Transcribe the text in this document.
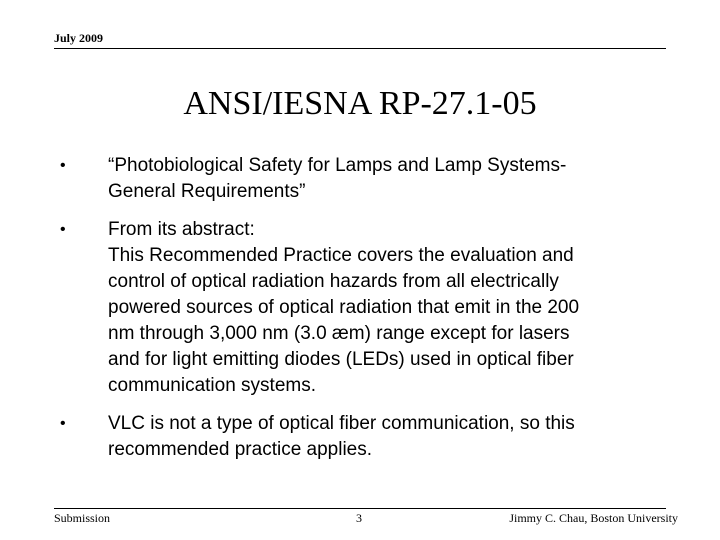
July 2009
ANSI/IESNA RP-27.1-05
• “Photobiological Safety for Lamps and Lamp Systems-
General Requirements”
• From its abstract:
This Recommended Practice covers the evaluation and
control of optical radiation hazards from all electrically
powered sources of optical radiation that emit in the 200
nm through 3,000 nm (3.0 æm) range except for lasers
and for light emitting diodes (LEDs) used in optical fiber
communication systems.
• VLC is not a type of optical fiber communication, so this
recommended practice applies.
Submission	3	Jimmy C. Chau, Boston University
